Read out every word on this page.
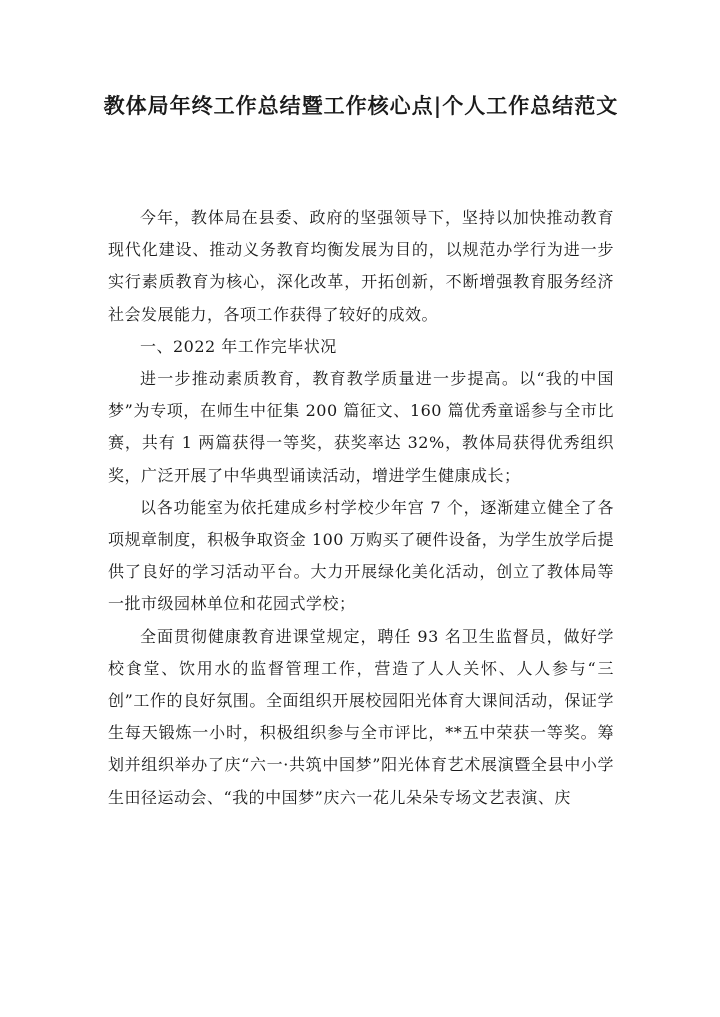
教体局年终工作总结暨工作核心点|个人工作总结范文

今年，教体局在县委、政府的坚强领导下，坚持以加快推动教育现代化建设、推动义务教育均衡发展为目的，以规范办学行为进一步实行素质教育为核心，深化改革，开拓创新，不断增强教育服务经济社会发展能力，各项工作获得了较好的成效。

一、2022 年工作完毕状况

进一步推动素质教育，教育教学质量进一步提高。以“我的中国梦”为专项，在师生中征集 200 篇征文、160 篇优秀童谣参与全市比赛，共有 1 两篇获得一等奖，获奖率达 32%，教体局获得优秀组织奖，广泛开展了中华典型诵读活动，增进学生健康成长；

以各功能室为依托建成乡村学校少年宫 7 个，逐渐建立健全了各项规章制度，积极争取资金 100 万购买了硬件设备，为学生放学后提供了良好的学习活动平台。大力开展绿化美化活动，创立了教体局等一批市级园林单位和花园式学校；

全面贯彻健康教育进课堂规定，聘任 93 名卫生监督员，做好学校食堂、饮用水的监督管理工作，营造了人人关怀、人人参与“三创”工作的良好氛围。全面组织开展校园阳光体育大课间活动，保证学生每天锻炼一小时，积极组织参与全市评比，**五中荣获一等奖。筹划并组织举办了庆“六一·共筑中国梦”阳光体育艺术展演暨全县中小学生田径运动会、“我的中国梦”庆六一花儿朵朵专场文艺表演、庆
